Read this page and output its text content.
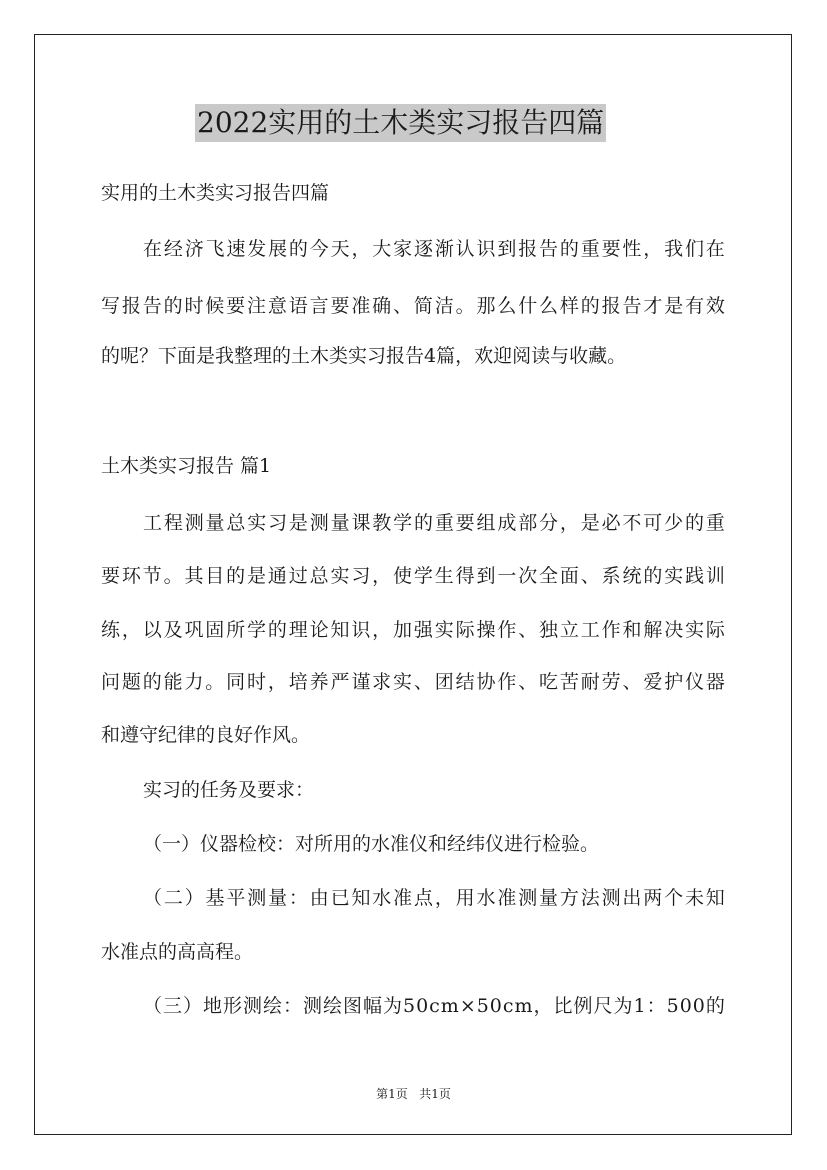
2022实用的土木类实习报告四篇
实用的土木类实习报告四篇
在 经 济 飞 速 发 展 的 今 天 ， 大 家 逐 渐 认 识 到 报 告 的 重 要 性 ， 我 们 在
写 报 告 的 时 候 要 注 意 语 言 要 准 确 、 简 洁 。 那 么 什 么 样 的 报 告 才 是 有 效
的呢？下面是我整理的土木类实习报告4篇，欢迎阅读与收藏。
土木类实习报告 篇1
工 程 测 量 总 实 习 是 测 量 课 教 学 的 重 要 组 成 部 分 ， 是 必 不 可 少 的 重
要 环 节 。 其 目 的 是 通 过 总 实 习 ， 使 学 生 得 到 一 次 全 面 、 系 统 的 实 践 训
练 ， 以 及 巩 固 所 学 的 理 论 知 识 ， 加 强 实 际 操 作 、 独 立 工 作 和 解 决 实 际
问 题 的 能 力 。 同 时 ， 培 养 严 谨 求 实 、 团 结 协 作 、 吃 苦 耐 劳 、 爱 护 仪 器
和遵守纪律的良好作风。
实习的任务及要求：
（一）仪器检校：对所用的水准仪和经纬仪进行检验。
（ 二 ） 基 平 测 量 ： 由 已 知 水 准 点 ， 用 水 准 测 量 方 法 测 出 两 个 未 知
水准点的高高程。
（ 三 ） 地 形 测 绘 ： 测 绘 图 幅 为 5 0 c m × 5 0 c m ， 比 例 尺 为 1 ： 5 0 0 的
第1页   共1页
